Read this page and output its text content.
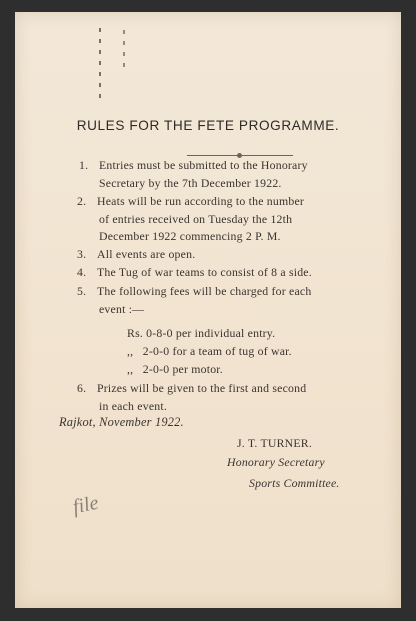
RULES FOR THE FETE PROGRAMME.
1. Entries must be submitted to the Honorary
Secretary by the 7th December 1922.
2. Heats will be run according to the number
of entries received on Tuesday the 12th
December 1922 commencing 2 P. M.
3. All events are open.
4. The Tug of war teams to consist of 8 a side.
5. The following fees will be charged for each
event :—
Rs. 0-8-0 per individual entry.
,,   2-0-0 for a team of tug of war.
,,   2-0-0 per motor.
6. Prizes will be given to the first and second
in each event.
Rajkot, November 1922.
J. T. TURNER.
Honorary Secretary
Sports Committee.
file
